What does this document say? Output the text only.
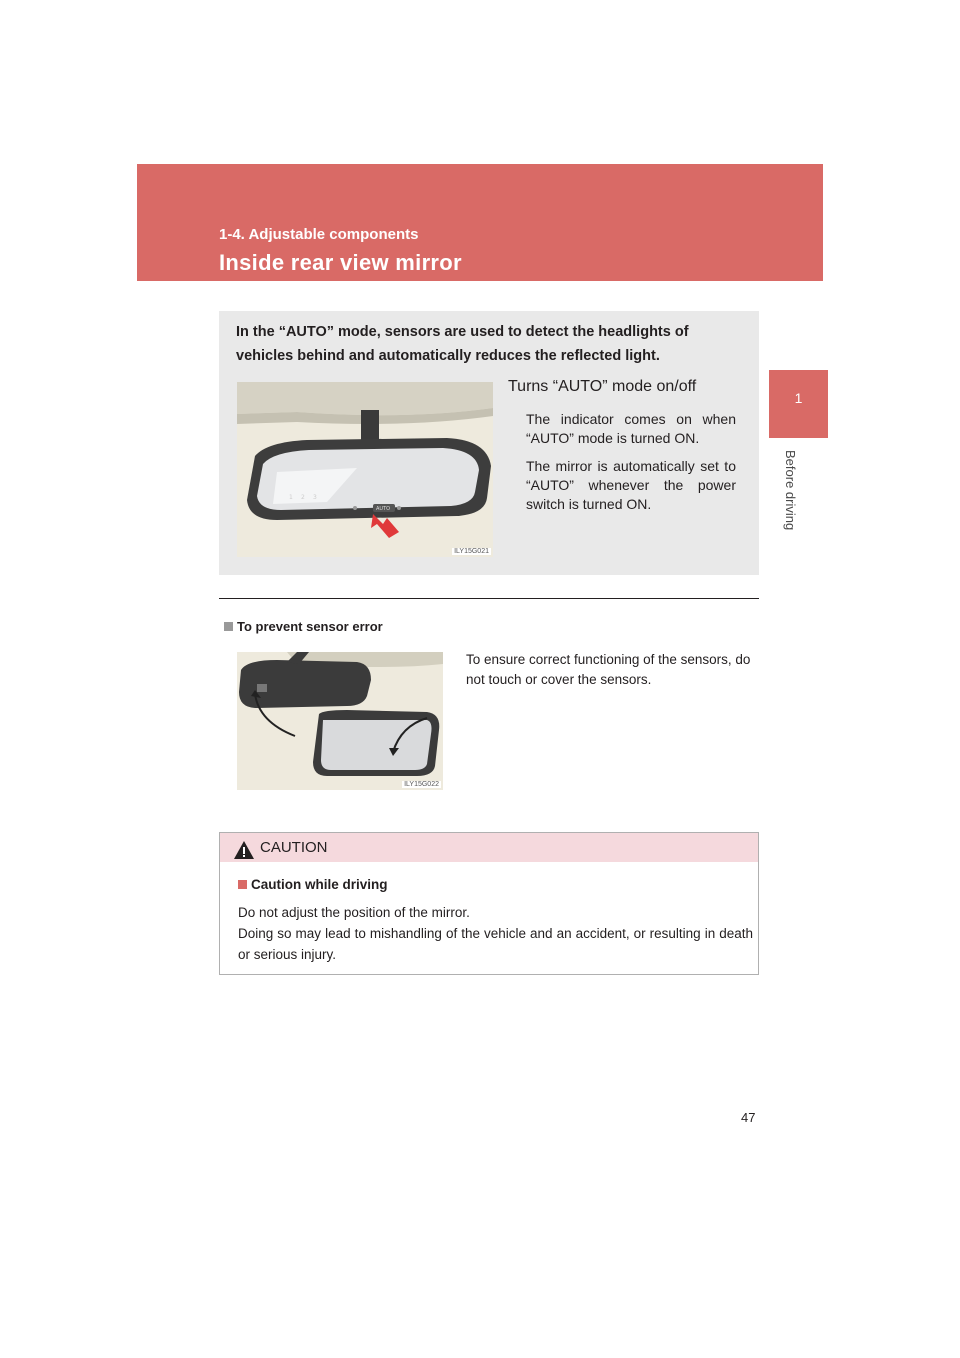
1-4. Adjustable components
Inside rear view mirror
1
Before driving
In the “AUTO” mode, sensors are used to detect the headlights of vehicles behind and automatically reduces the reflected light.
1 2 3
AUTO
ILY15G021
Turns “AUTO” mode on/off
The indicator comes on when “AUTO” mode is turned ON.
The mirror is automatically set to “AUTO” whenever the power switch is turned ON.
To prevent sensor error
ILY15G022
To ensure correct functioning of the sensors, do not touch or cover the sensors.
CAUTION
Caution while driving
Do not adjust the position of the mirror.
Doing so may lead to mishandling of the vehicle and an accident, or resulting in death or serious injury.
47
